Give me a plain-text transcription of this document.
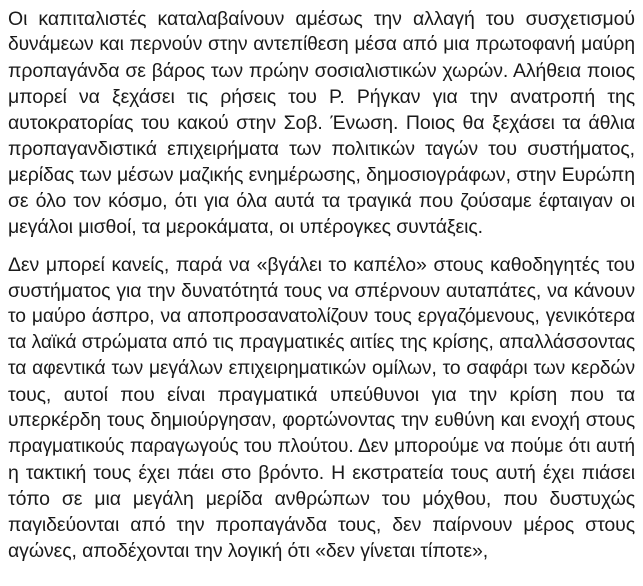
Οι καπιταλιστές καταλαβαίνουν αμέσως την αλλαγή του συσχετισμού
δυνάμεων και περνούν στην αντεπίθεση μέσα από μια πρωτοφανή μαύρη
προπαγάνδα σε βάρος των πρώην σοσιαλιστικών χωρών. Αλήθεια ποιος
μπορεί να ξεχάσει τις ρήσεις του Ρ. Ρήγκαν για την ανατροπή της
αυτοκρατορίας του κακού στην Σοβ. Ένωση. Ποιος θα ξεχάσει τα άθλια
προπαγανδιστικά επιχειρήματα των πολιτικών ταγών του συστήματος,
μερίδας των μέσων μαζικής ενημέρωσης, δημοσιογράφων, στην Ευρώπη
σε όλο τον κόσμο, ότι για όλα αυτά τα τραγικά που ζούσαμε έφταιγαν οι
μεγάλοι μισθοί, τα μεροκάματα, οι υπέρογκες συντάξεις.
Δεν μπορεί κανείς, παρά να «βγάλει το καπέλο» στους καθοδηγητές του
συστήματος για την δυνατότητά τους να σπέρνουν αυταπάτες, να κάνουν
το μαύρο άσπρο, να αποπροσανατολίζουν τους εργαζόμενους, γενικότερα
τα λαϊκά στρώματα από τις πραγματικές αιτίες της κρίσης, απαλλάσσοντας
τα αφεντικά των μεγάλων επιχειρηματικών ομίλων, το σαφάρι των κερδών
τους, αυτοί που είναι πραγματικά υπεύθυνοι για την κρίση που τα
υπερκέρδη τους δημιούργησαν, φορτώνοντας την ευθύνη και ενοχή στους
πραγματικούς παραγωγούς του πλούτου. Δεν μπορούμε να πούμε ότι αυτή
η τακτική τους έχει πάει στο βρόντο. Η εκστρατεία τους αυτή έχει πιάσει
τόπο σε μια μεγάλη μερίδα ανθρώπων του μόχθου, που δυστυχώς
παγιδεύονται από την προπαγάνδα τους, δεν παίρνουν μέρος στους
αγώνες, αποδέχονται την λογική ότι «δεν γίνεται τίποτε»,
